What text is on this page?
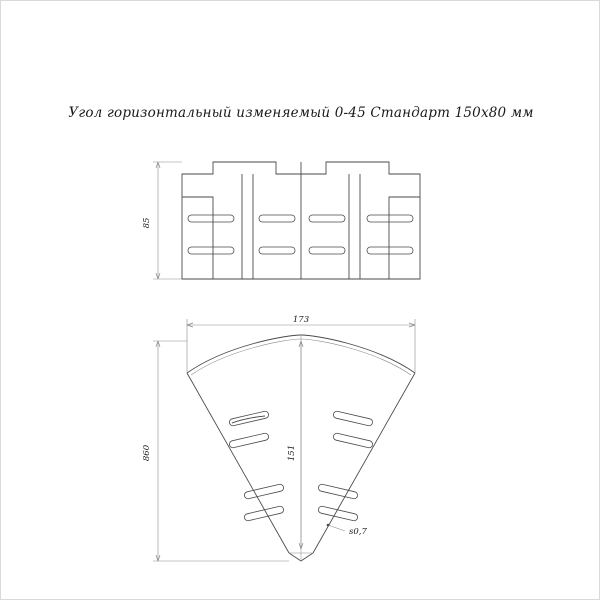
Угол горизонтальный изменяемый 0-45 Стандарт 150х80 мм
85
173
860	151
s0,7
